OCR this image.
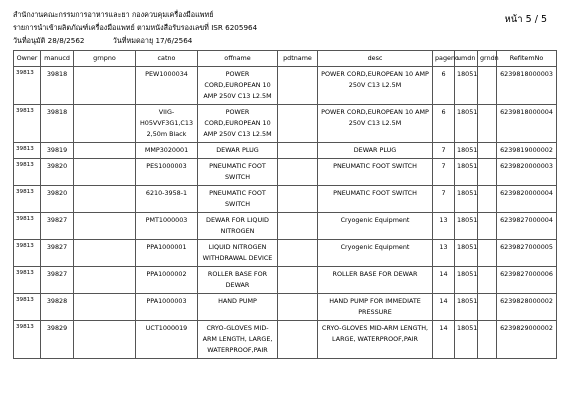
สำนักงานคณะกรรมการอาหารและยา กองควบคุมเครื่องมือแพทย์
รายการนำเข้าผลิตภัณฑ์เครื่องมือแพทย์ ตามหนังสือรับรองเลขที่ ISR 6205964
วันที่อนุมัติ 28/8/2562	วันที่หมดอายุ 17/6/2564
หน้า 5 / 5
Owner	manucd	grnpno	catno	offname	pdtname	desc	pageno	umdn	grndn	RefItemNo
39813	39818		PEW1000034	POWER CORD,EUROPEAN 10 AMP 250V C13 L2.5M		POWER CORD,EUROPEAN 10 AMP 250V C13 L2.5M	6	18051		6239818000003
39813	39818		VIIG-H05VVF3G1,C13 2,50m Black	POWER CORD,EUROPEAN 10 AMP 250V C13 L2.5M		POWER CORD,EUROPEAN 10 AMP 250V C13 L2.5M	6	18051		6239818000004
39813	39819		MMP3020001	DEWAR PLUG		DEWAR PLUG	7	18051		6239819000002
39813	39820		PES1000003	PNEUMATIC FOOT SWITCH		PNEUMATIC FOOT SWITCH	7	18051		6239820000003
39813	39820		6210-3958-1	PNEUMATIC FOOT SWITCH		PNEUMATIC FOOT SWITCH	7	18051		6239820000004
39813	39827		PMT1000003	DEWAR FOR LIQUID NITROGEN		Cryogenic Equipment	13	18051		6239827000004
39813	39827		PPA1000001	LIQUID NITROGEN WITHDRAWAL DEVICE		Cryogenic Equipment	13	18051		6239827000005
39813	39827		PPA1000002	ROLLER BASE FOR DEWAR		ROLLER BASE FOR DEWAR	14	18051		6239827000006
39813	39828		PPA1000003	HAND PUMP		HAND PUMP FOR IMMEDIATE PRESSURE	14	18051		6239828000002
39813	39829		UCT1000019	CRYO-GLOVES MID-ARM LENGTH, LARGE, WATERPROOF,PAIR		CRYO-GLOVES MID-ARM LENGTH, LARGE, WATERPROOF,PAIR	14	18051		6239829000002
